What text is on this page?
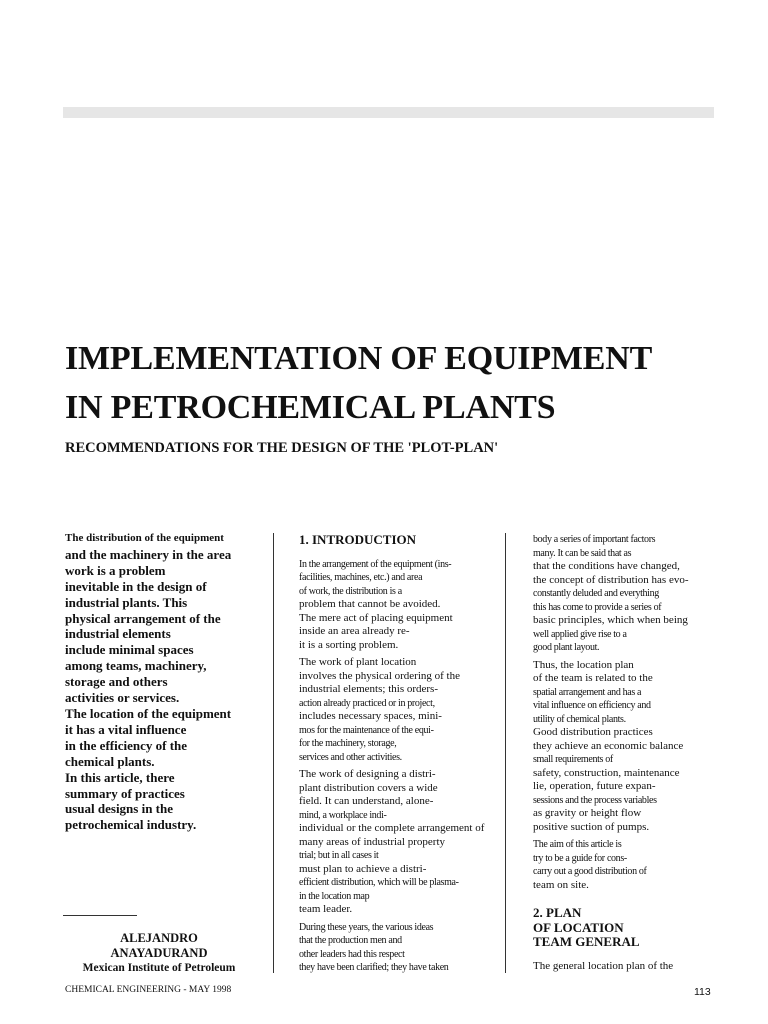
IMPLEMENTATION OF EQUIPMENT
IN PETROCHEMICAL PLANTS
RECOMMENDATIONS FOR THE DESIGN OF THE 'PLOT-PLAN'
The distribution of the equipment
and the machinery in the area
work is a problem
inevitable in the design of
industrial plants. This
physical arrangement of the
industrial elements
include minimal spaces
among teams, machinery,
storage and others
activities or services.
The location of the equipment
it has a vital influence
in the efficiency of the
chemical plants.
In this article, there
summary of practices
usual designs in the
petrochemical industry.
ALEJANDRO
ANAYADURAND
Mexican Institute of Petroleum
1. INTRODUCTION

In the arrangement of the equipment (ins-
facilities, machines, etc.) and area
of work, the distribution is a
problem that cannot be avoided.
The mere act of placing equipment
inside an area already re-
it is a sorting problem.

The work of plant location
involves the physical ordering of the
industrial elements; this orders-
action already practiced or in project,
includes necessary spaces, mini-
mos for the maintenance of the equi-
for the machinery, storage,
services and other activities.

The work of designing a distri-
plant distribution covers a wide
field. It can understand, alone-
mind, a workplace indi-
individual or the complete arrangement of
many areas of industrial property
trial; but in all cases it
must plan to achieve a distri-
efficient distribution, which will be plasma-
in the location map
team leader.

During these years, the various ideas
that the production men and
other leaders had this respect
they have been clarified; they have taken

body a series of important factors
many. It can be said that as
that the conditions have changed,
the concept of distribution has evo-
constantly deluded and everything
this has come to provide a series of
basic principles, which when being
well applied give rise to a
good plant layout.

Thus, the location plan
of the team is related to the
spatial arrangement and has a
vital influence on efficiency and
utility of chemical plants.
Good distribution practices
they achieve an economic balance
small requirements of
safety, construction, maintenance
lie, operation, future expan-
sessions and the process variables
as gravity or height flow
positive suction of pumps.

The aim of this article is
try to be a guide for cons-
carry out a good distribution of
team on site.

2. PLAN
OF LOCATION
TEAM GENERAL

The general location plan of the

CHEMICAL ENGINEERING - MAY 1998	113
